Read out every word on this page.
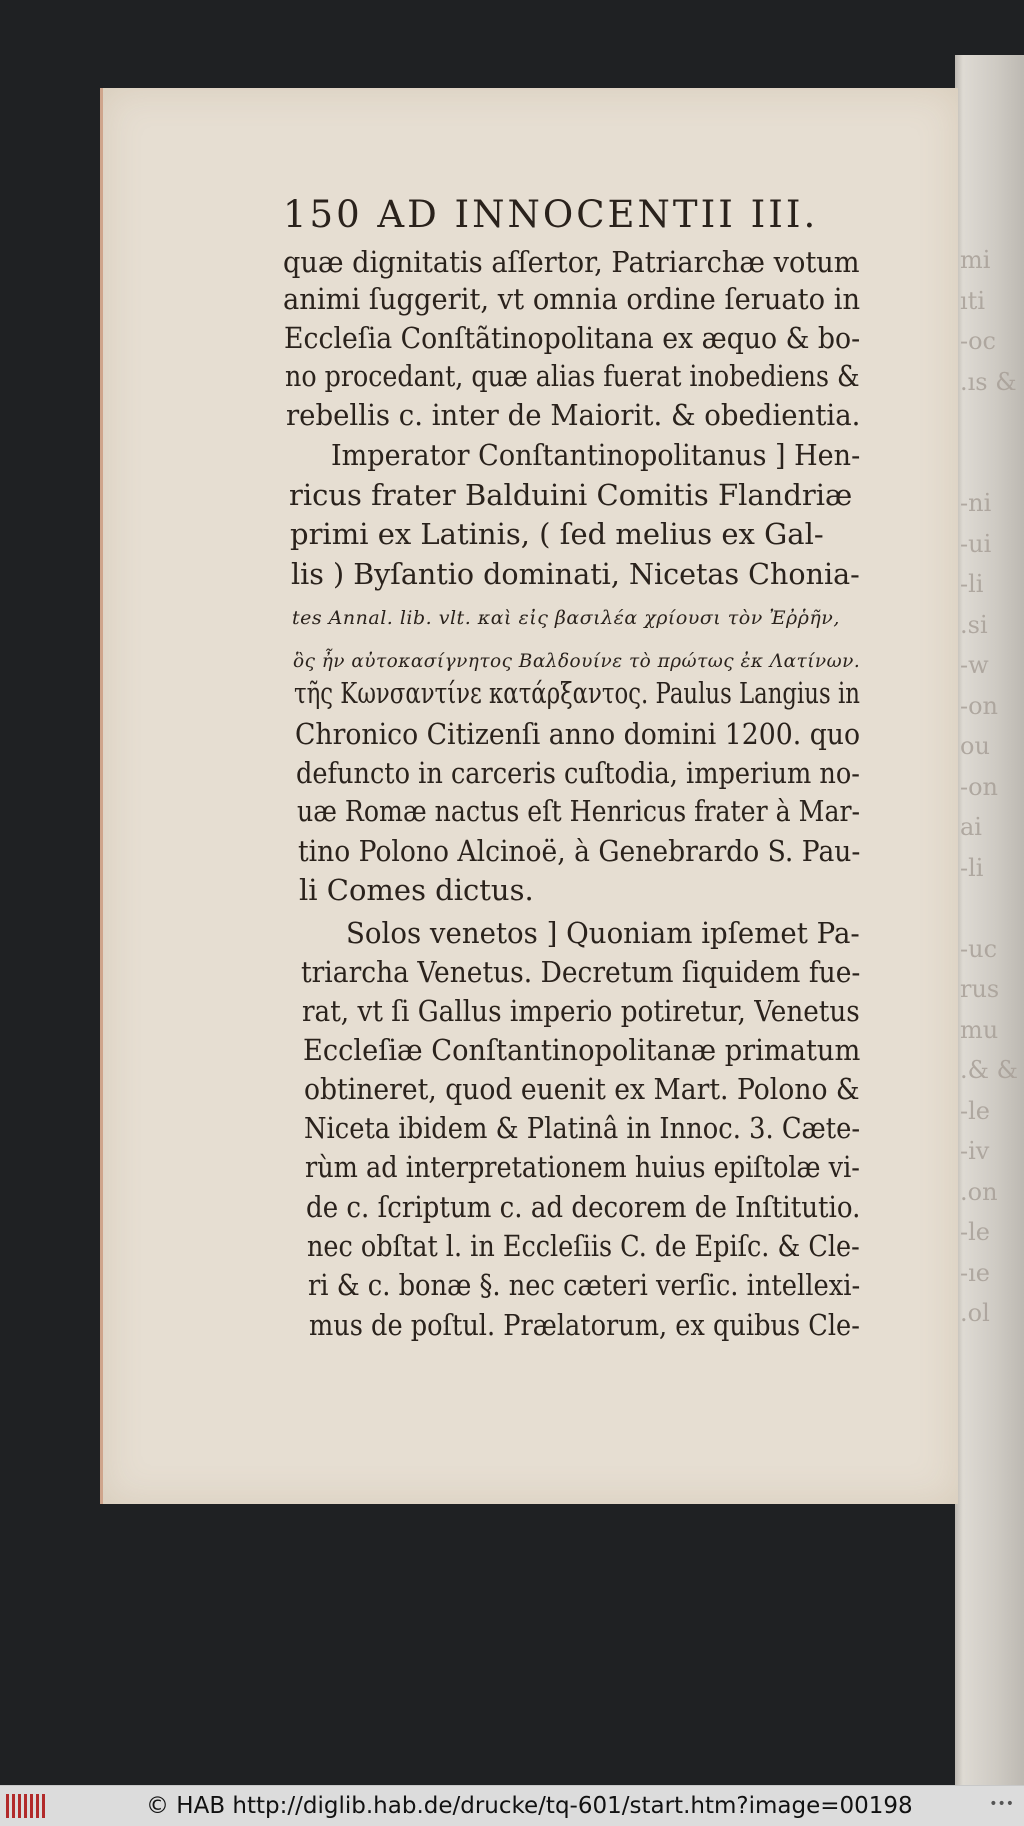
mi
ıti
-oc
.ıs &

-ni
-ui
-li
.si
-w
-on
ou
-on
ai
-li

-uc
rus
mu
.& &
-le
-iv
.on
-le
-ıe
.ol
150 AD INNOCENTII III.
quæ dignitatis aſſertor, Patriarchæ votum
animi ſuggerit, vt omnia ordine ſeruato in
Eccleſia Conſtãtinopolitana ex æquo & bo-
no procedant, quæ alias fuerat inobediens &
rebellis c. inter de Maiorit. & obedientia.
Imperator Conſtantinopolitanus ] Hen-
ricus frater Balduini Comitis Flandriæ
primi ex Latinis, ( ſed melius ex Gal-
lis ) Byſantio dominati, Nicetas Chonia-
tes Annal. lib. vlt. καὶ εἰς βασιλέα χρίουσι τὸν Ἐῤῥῆν,
ὃς ἦν αὐτοκασίγνητος Βαλδουίνε τὸ πρώτως ἐκ Λατίνων.
τῆς Κωνσαντίνε κατάρξαντος. Paulus Langius in
Chronico Citizenſi anno domini 1200. quo
defuncto in carceris cuſtodia, imperium no-
uæ Romæ nactus eſt Henricus frater à Mar-
tino Polono Alcinoë, à Genebrardo S. Pau-
li Comes dictus.
Solos venetos ] Quoniam ipſemet Pa-
triarcha Venetus. Decretum ſiquidem fue-
rat, vt ſi Gallus imperio potiretur, Venetus
Eccleſiæ Conſtantinopolitanæ primatum
obtineret, quod euenit ex Mart. Polono &
Niceta ibidem & Platinâ in Innoc. 3. Cæte-
rùm ad interpretationem huius epiſtolæ vi-
de c. ſcriptum c. ad decorem de Inſtitutio.
nec obſtat l. in Eccleſiis C. de Epiſc. & Cle-
ri & c. bonæ §. nec cæteri verſic. intellexi-
mus de poſtul. Prælatorum, ex quibus Cle-
© HAB http://diglib.hab.de/drucke/tq-601/start.htm?image=00198	•••
